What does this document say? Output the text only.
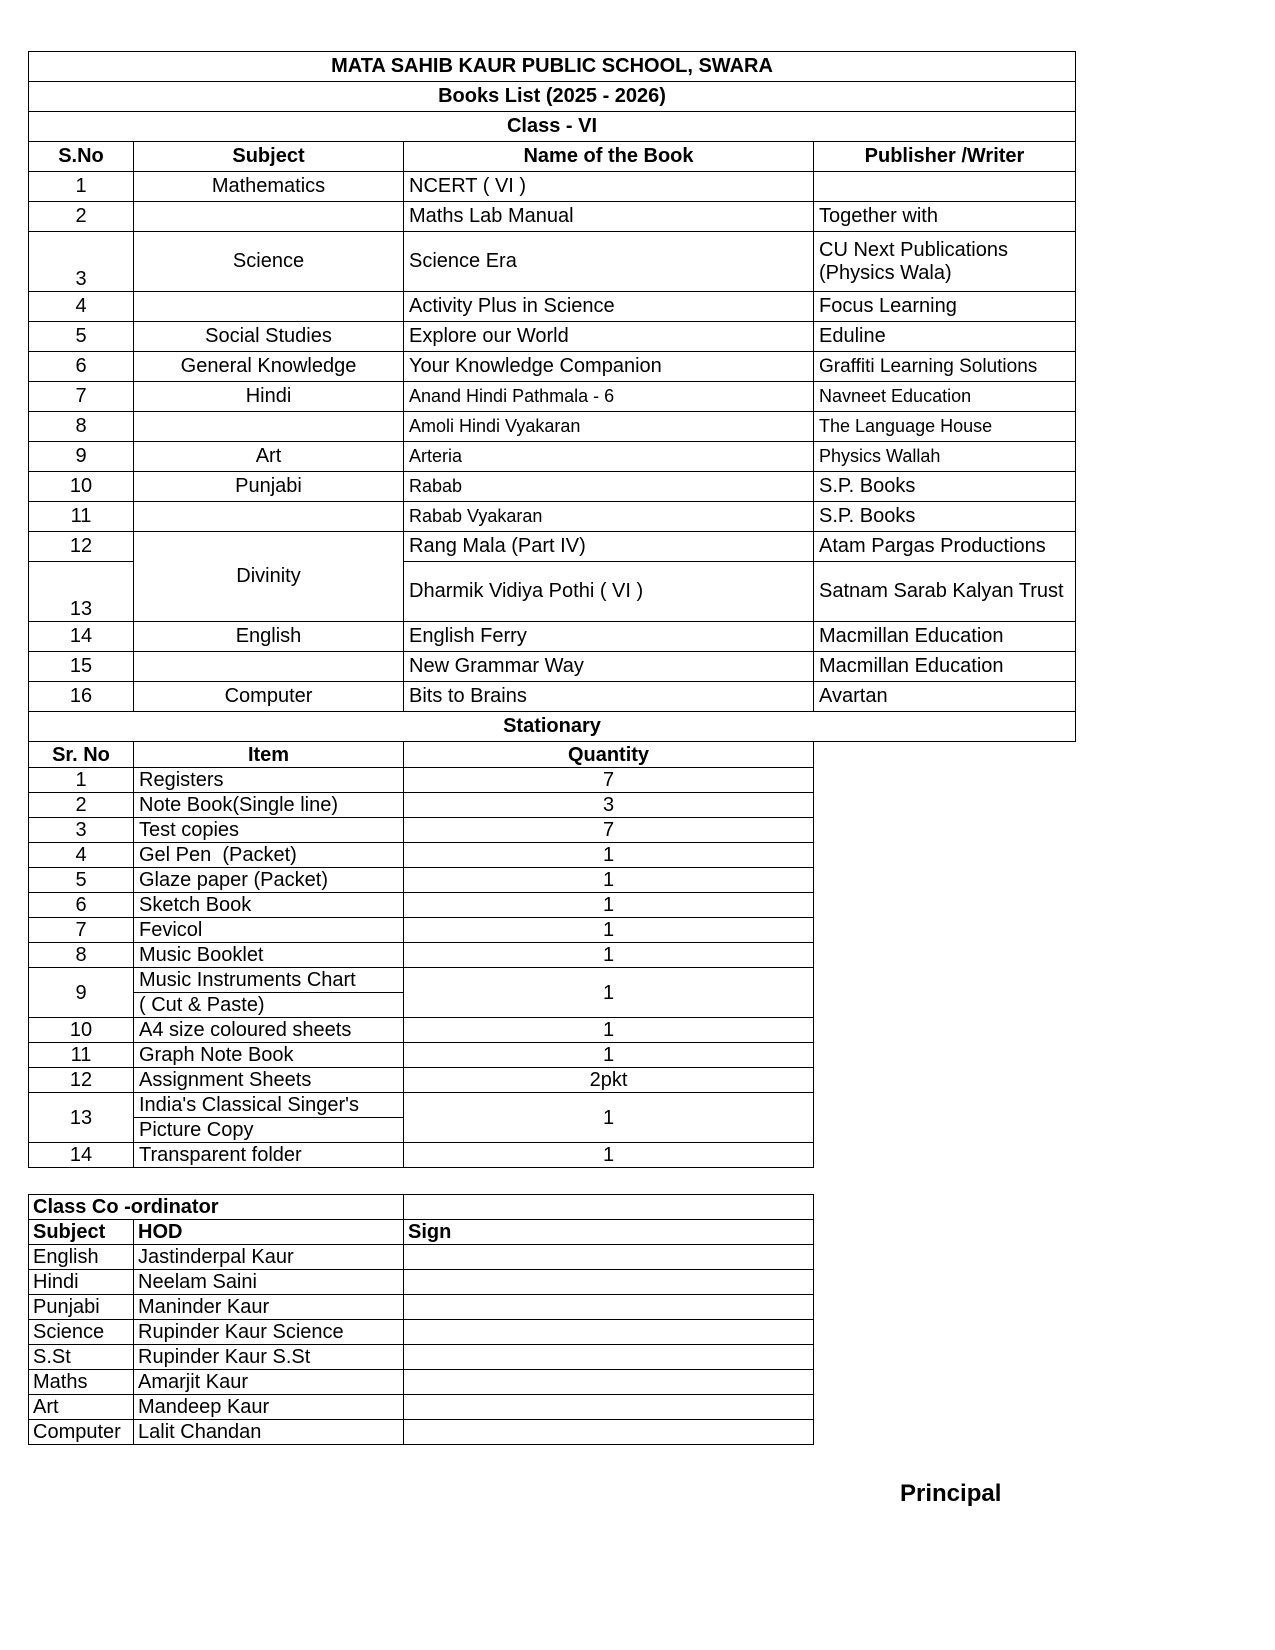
MATA SAHIB KAUR PUBLIC SCHOOL, SWARA			
Books List (2025 - 2026)			
Class - VI			
S.No	Subject	Name of the Book	Publisher /Writer
1	Mathematics	NCERT ( VI )	
2		Maths Lab Manual	Together with
3	Science	Science Era	CU Next Publications (Physics Wala)
4		Activity Plus in Science	Focus Learning
5	Social Studies	Explore our World	Eduline
6	General Knowledge	Your Knowledge Companion	Graffiti Learning Solutions
7	Hindi	Anand Hindi Pathmala - 6	Navneet Education
8		Amoli Hindi Vyakaran	The Language House
9	Art	Arteria	Physics Wallah
10	Punjabi	Rabab	S.P. Books
11		Rabab Vyakaran	S.P. Books
12	Divinity	Rang Mala (Part IV)	Atam Pargas Productions
13		Dharmik Vidiya Pothi ( VI )	Satnam Sarab Kalyan Trust
14	English	English Ferry	Macmillan Education
15		New Grammar Way	Macmillan Education
16	Computer	Bits to Brains	Avartan
Stationary			
Sr. No	Item	Quantity
1	Registers	7
2	Note Book(Single line)	3
3	Test copies	7
4	Gel Pen  (Packet)	1
5	Glaze paper (Packet)	1
6	Sketch Book	1
7	Fevicol	1
8	Music Booklet	1
9	Music Instruments Chart	1
	( Cut & Paste)	
10	A4 size coloured sheets	1
11	Graph Note Book	1
12	Assignment Sheets	2pkt
13	India's Classical Singer's	1
	Picture Copy	
14	Transparent folder	1
Class Co -ordinator		
Subject	HOD	Sign
English	Jastinderpal Kaur	
Hindi	Neelam Saini	
Punjabi	Maninder Kaur	
Science	Rupinder Kaur Science	
S.St	Rupinder Kaur S.St	
Maths	Amarjit Kaur	
Art	Mandeep Kaur	
Computer	Lalit Chandan	
Principal
